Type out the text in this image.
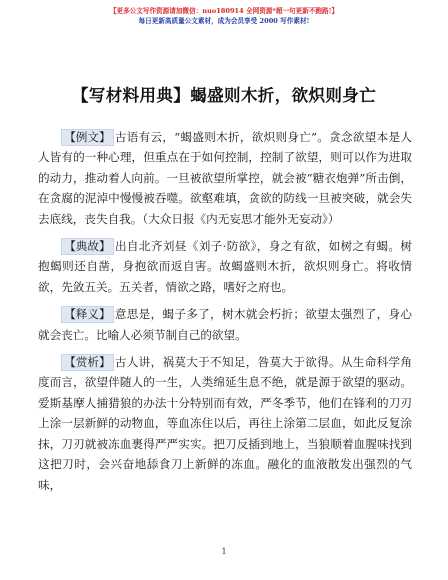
【更多公文写作资源请加微信：nuo180914 全网资源*超一句更新不跑路!】
每日更新高质量公文素材，成为会员享受 2000 写作素材!
【写材料用典】蝎盛则木折，欲炽则身亡

【例文】 古语有云，“蝎盛则木折，欲炽则身亡”。贪念欲望本是人人皆有的一种心理，但重点在于如何控制，控制了欲望，则可以作为进取的动力，推动着人向前。一旦被欲望所掌控，就会被“糖衣炮弹”所击倒，在贪腐的泥淖中慢慢被吞噬。欲壑难填，贪欲的防线一旦被突破，就会失去底线，丧失自我。（大众日报《内无妄思才能外无妄动》）

【典故】 出自北齐刘昼《刘子·防欲》，身之有欲，如树之有蝎。树抱蝎则还自凿，身抱欲而返自害。故蝎盛则木折，欲炽则身亡。将收情欲，先敛五关。五关者，情欲之路，嗜好之府也。

【释义】 意思是，蝎子多了，树木就会朽折；欲望太强烈了，身心就会丧亡。比喻人必须节制自己的欲望。

【赏析】 古人讲，祸莫大于不知足，咎莫大于欲得。从生命科学角度而言，欲望伴随人的一生，人类绵延生息不绝，就是源于欲望的驱动。爱斯基摩人捕猎狼的办法十分特别而有效，严冬季节，他们在锋利的刀刃上涂一层新鲜的动物血，等血冻住以后，再往上涂第二层血，如此反复涂抹，刀刃就被冻血裹得严严实实。把刀反插到地上，当狼顺着血腥味找到这把刀时，会兴奋地舔食刀上新鲜的冻血。融化的血液散发出强烈的气味，

1
